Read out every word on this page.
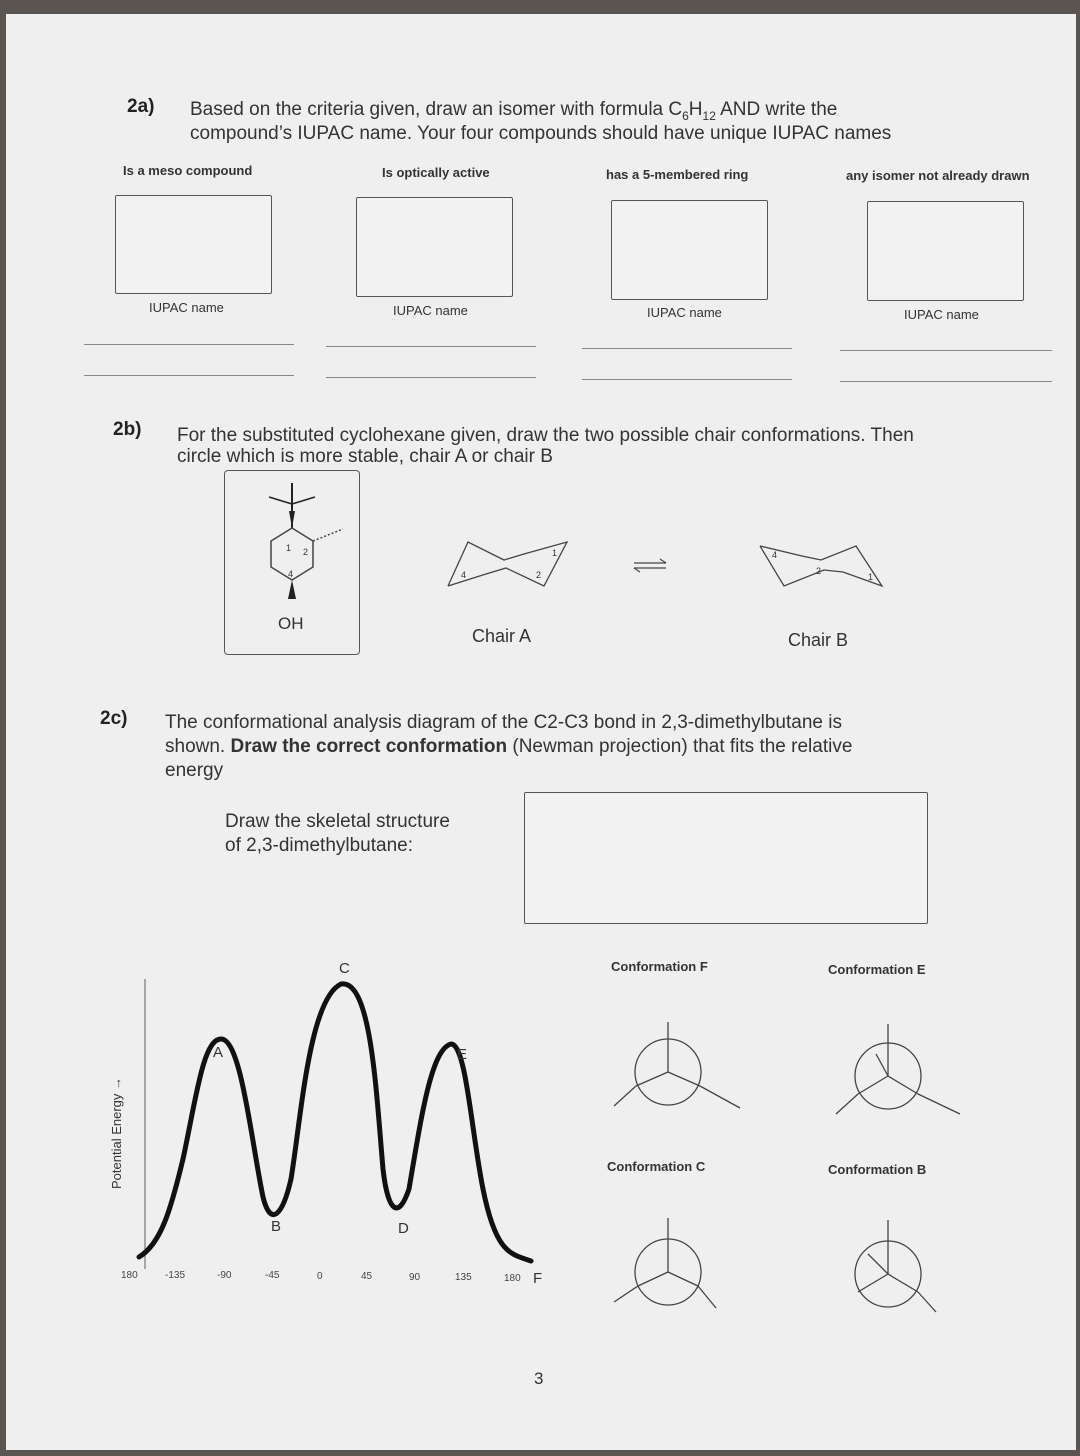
2a) Based on the criteria given, draw an isomer with formula $C_6H_{12}$ AND write the
compound’s IUPAC name. Your four compounds should have unique IUPAC names
Is a meso compound	Is optically active	has a 5-membered ring	any isomer not already drawn
IUPAC name	IUPAC name	IUPAC name	IUPAC name
2b) For the substituted cyclohexane given, draw the two possible chair conformations. Then
circle which is more stable, chair A or chair B
1 2
4
OH
4	2
1
Chair A
4
2
1
Chair B
2c) The conformational analysis diagram of the C2-C3 bond in 2,3-dimethylbutane is
shown. Draw the correct conformation (Newman projection) that fits the relative
energy
Draw the skeletal structure
of 2,3-dimethylbutane:
Potential Energy →
A
B
C
D
E
F
180	-135	-90	-45	0	45	90	135	180
Conformation F	Conformation E
Conformation C	Conformation B
3
